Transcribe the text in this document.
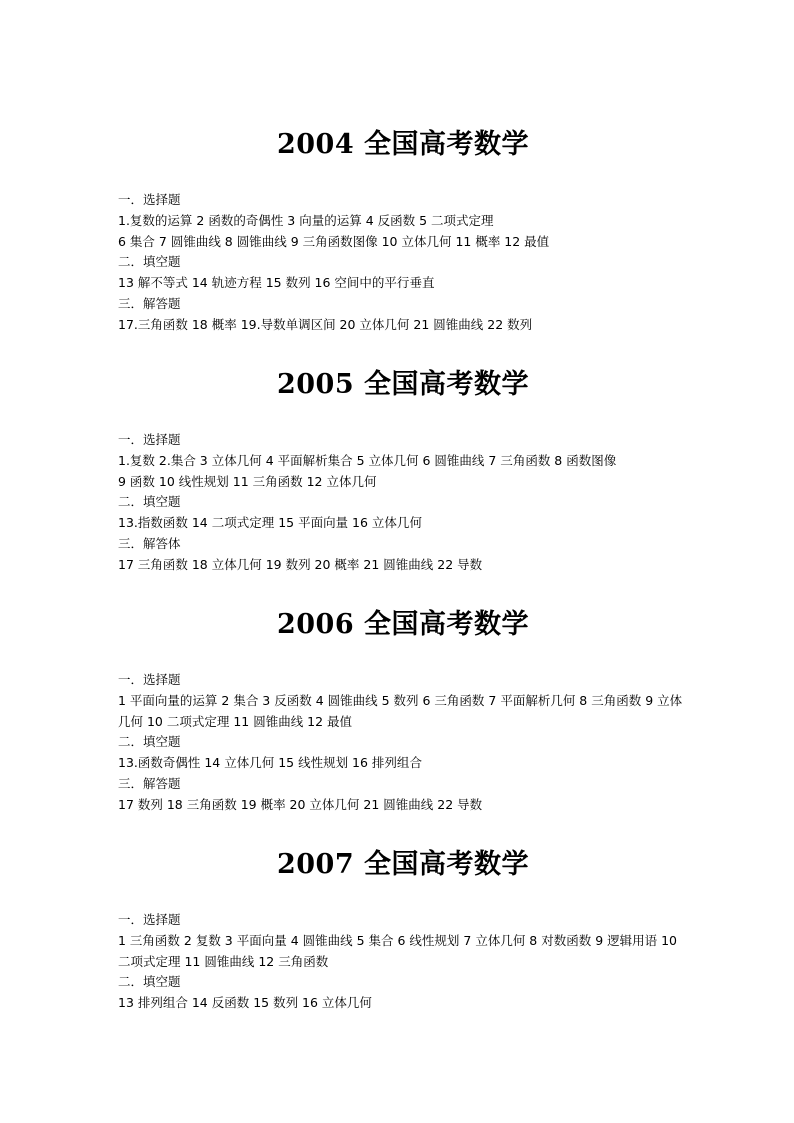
2004 全国高考数学

一．选择题

1.复数的运算 2 函数的奇偶性 3 向量的运算 4 反函数 5 二项式定理

6 集合 7 圆锥曲线 8 圆锥曲线 9 三角函数图像 10 立体几何 11 概率 12 最值

二．填空题

13 解不等式 14 轨迹方程 15 数列 16 空间中的平行垂直

三．解答题

17.三角函数 18 概率 19.导数单调区间 20 立体几何 21 圆锥曲线 22 数列

2005 全国高考数学

一．选择题

1.复数 2.集合 3 立体几何 4 平面解析集合 5 立体几何 6 圆锥曲线 7 三角函数 8 函数图像

9 函数 10 线性规划 11 三角函数 12 立体几何

二．填空题

13.指数函数 14 二项式定理 15 平面向量 16 立体几何

三．解答体

17 三角函数 18 立体几何 19 数列 20 概率 21 圆锥曲线 22 导数

2006 全国高考数学

一．选择题

1 平面向量的运算 2 集合 3 反函数 4 圆锥曲线 5 数列 6 三角函数 7 平面解析几何 8 三角函数 9 立体几何 10 二项式定理 11 圆锥曲线 12 最值

二．填空题

13.函数奇偶性 14 立体几何 15 线性规划 16 排列组合

三．解答题

17 数列 18 三角函数 19 概率 20 立体几何 21 圆锥曲线 22 导数

2007 全国高考数学

一．选择题

1 三角函数 2 复数 3 平面向量 4 圆锥曲线 5 集合 6 线性规划 7 立体几何 8 对数函数 9 逻辑用语 10 二项式定理 11 圆锥曲线 12 三角函数

二．填空题

13 排列组合 14 反函数 15 数列 16 立体几何
